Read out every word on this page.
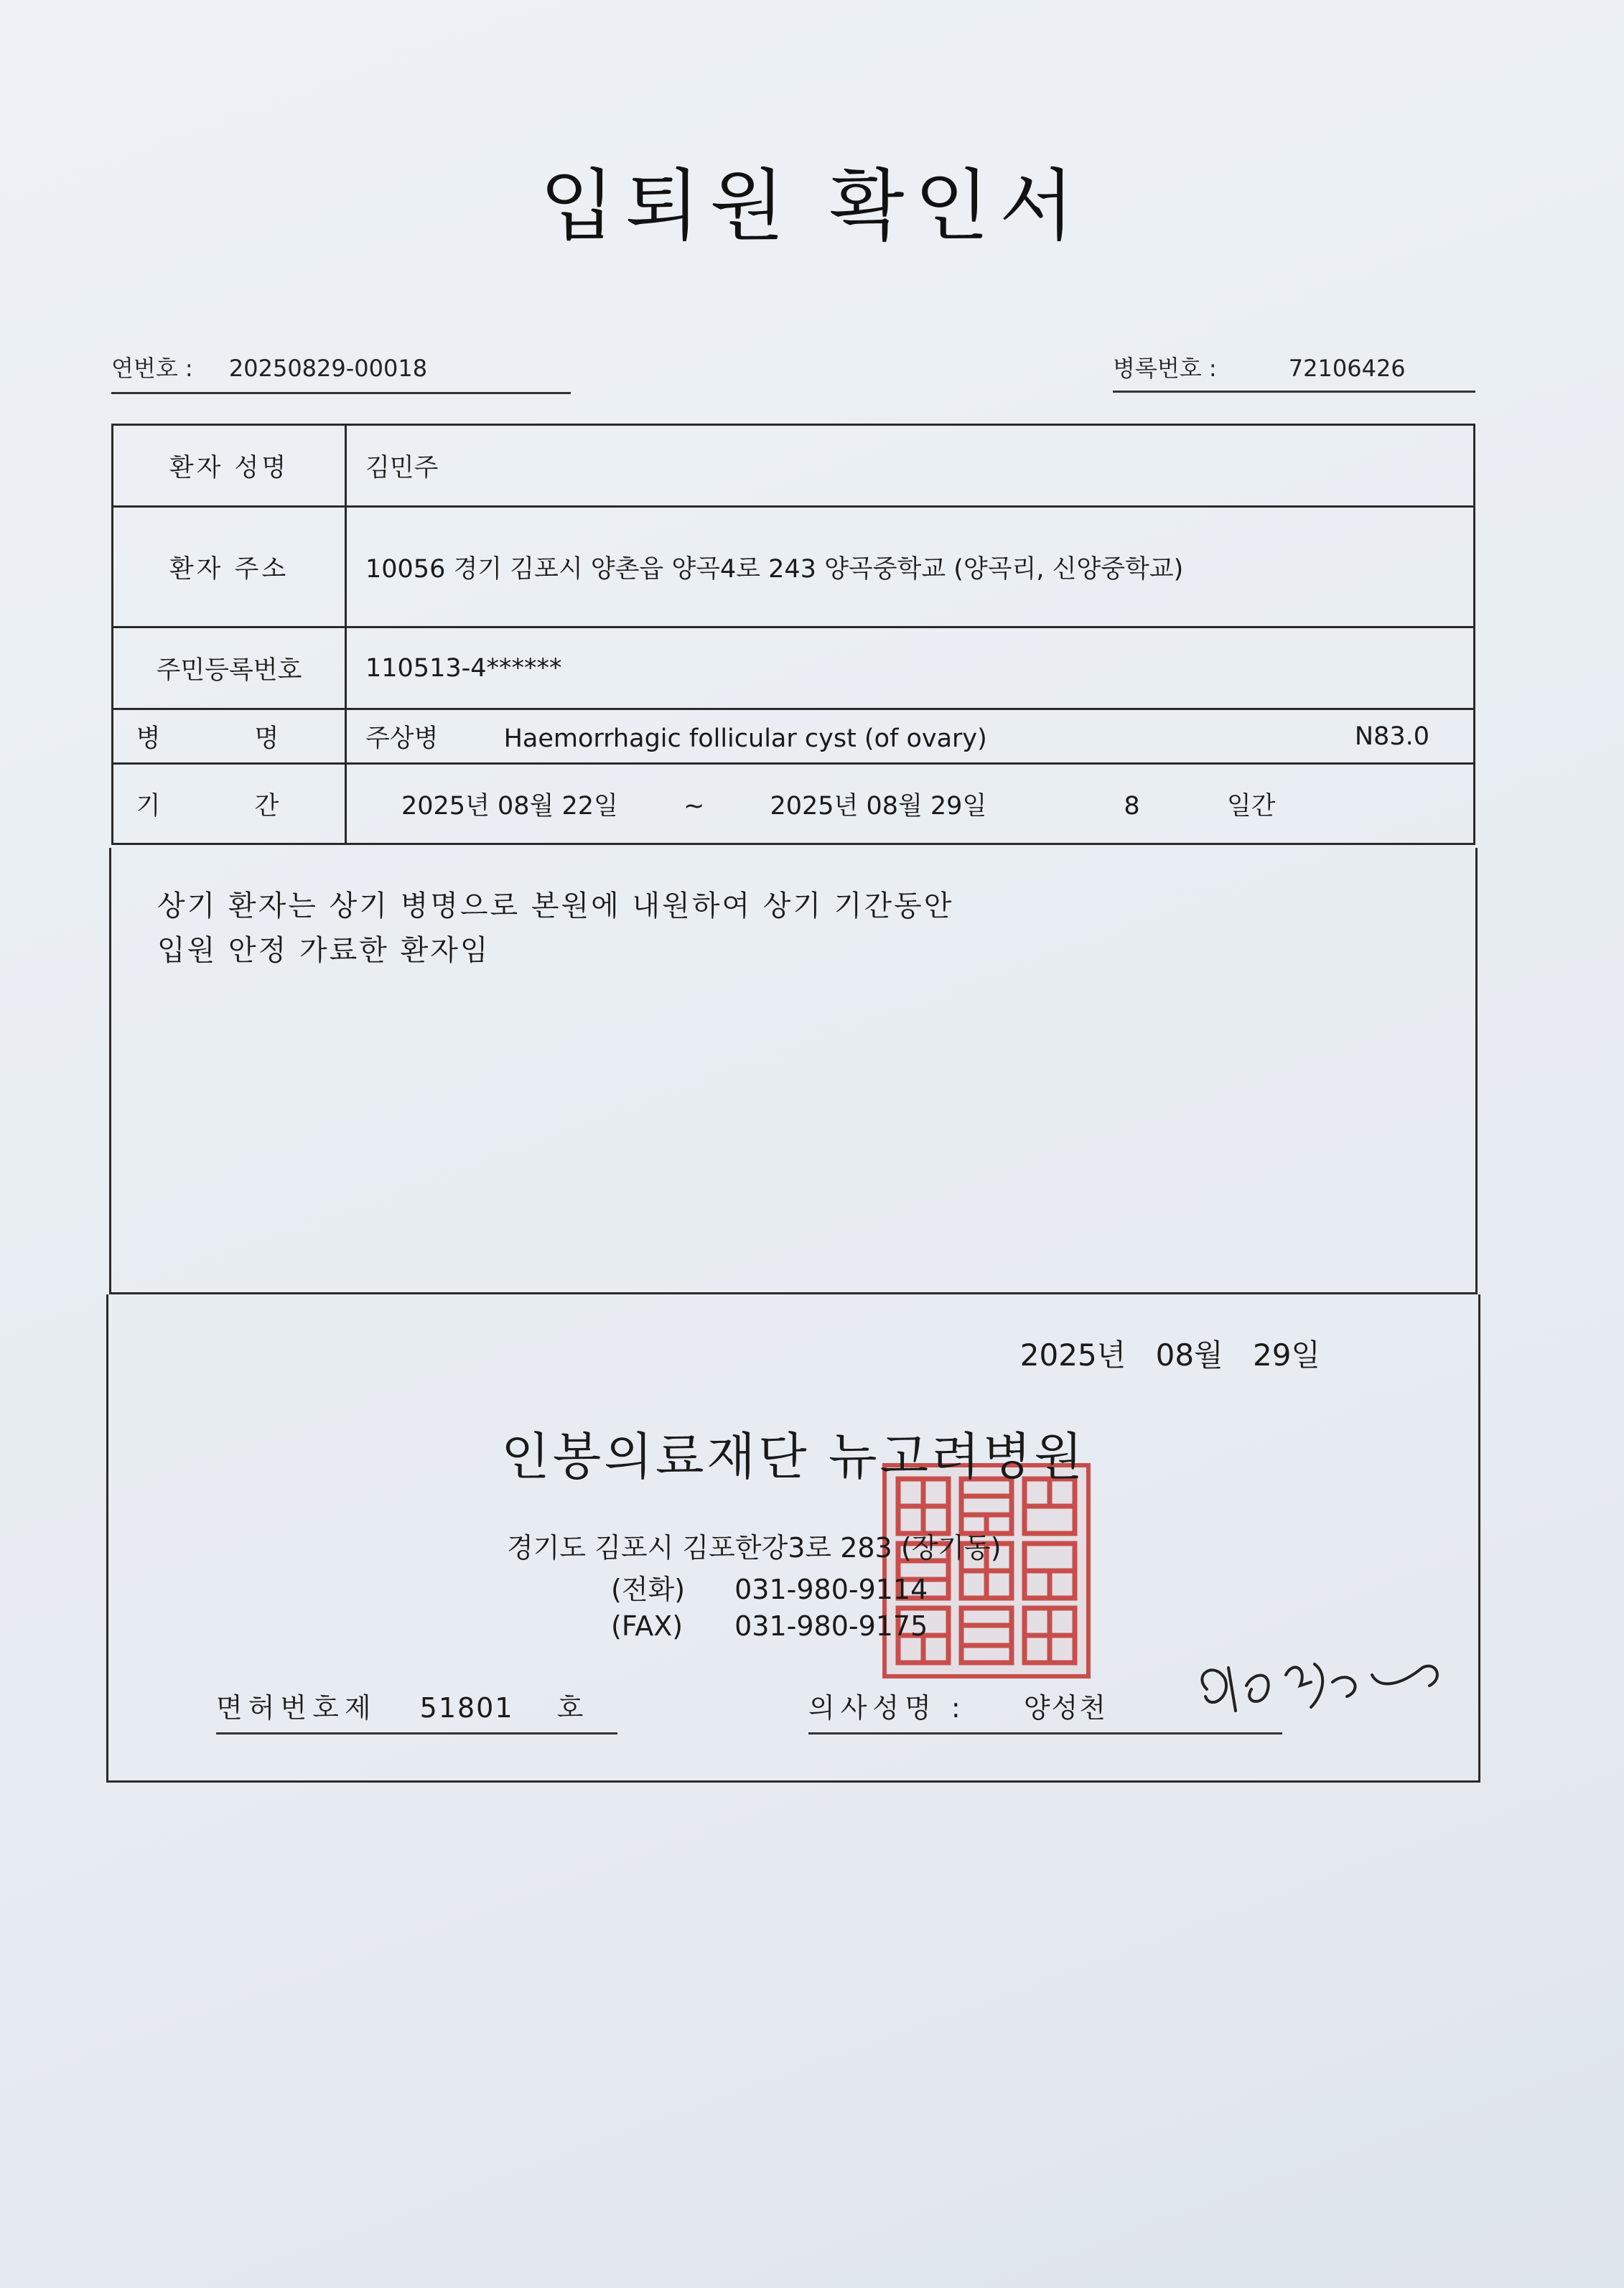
입퇴원 확인서
연번호 : 20250829-00018	병록번호 :	72106426
환자 성명	김민주
환자 주소	10056 경기 김포시 양촌읍 양곡4로 243 양곡중학교 (양곡리, 신양중학교)
주민등록번호	110513-4******
병 명	주상병 Haemorrhagic follicular cyst (of ovary) N83.0

기 간	2025년 08월 22일 ~ 2025년 08월 29일 8 일간
상기 환자는 상기 병명으로 본원에 내원하여 상기 기간동안
입원 안정 가료한 환자임
2025년 08월 29일
인봉의료재단 뉴고려병원
경기도 김포시 김포한강3로 283 (장기동)
(전화) 031-980-9114
(FAX) 031-980-9175
면허번호제 51801 호	의사성명 : 양성천
